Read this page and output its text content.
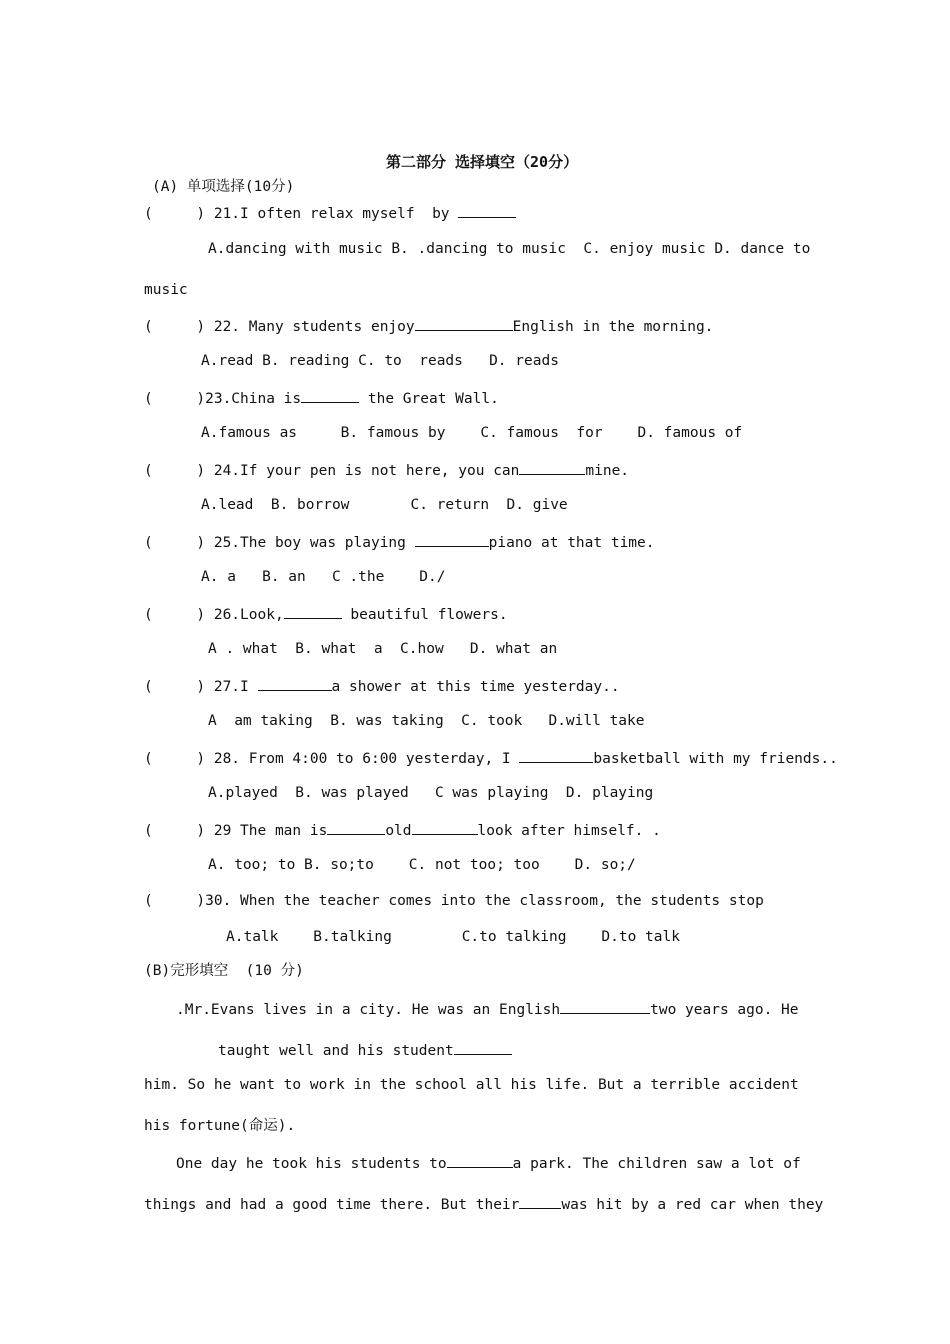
第二部分 选择填空（20分）
(A) 单项选择(10分)
(     ) 21.I often relax myself  by
A.dancing with music B. .dancing to music  C. enjoy music D. dance to
music
(     ) 22. Many students enjoy	English in the morning.
A.read B. reading C. to  reads   D. reads
(     )23.China is	the Great Wall.
A.famous as     B. famous by    C. famous  for    D. famous of
(     ) 24.If your pen is not here, you can	mine.
A.lead  B. borrow       C. return  D. give
(     ) 25.The boy was playing	piano at that time.
A. a   B. an   C .the    D./
(     ) 26.Look,	beautiful flowers.
A . what  B. what  a  C.how   D. what an
(     ) 27.I	a shower at this time yesterday..
A  am taking  B. was taking  C. took   D.will take
(     ) 28. From 4:00 to 6:00 yesterday, I	basketball with my friends..
A.played  B. was played   C was playing  D. playing
(     ) 29 The man is	old	look after himself. .
A. too; to B. so;to    C. not too; too    D. so;/
(     )30. When the teacher comes into the classroom, the students stop
A.talk    B.talking        C.to talking    D.to talk
(B)完形填空  (10 分)
.Mr.Evans lives in a city. He was an English	two years ago. He
taught well and his student
him. So he want to work in the school all his life. But a terrible accident
his fortune(命运).
One day he took his students to	a park. The children saw a lot of
things and had a good time there. But their	was hit by a red car when they
